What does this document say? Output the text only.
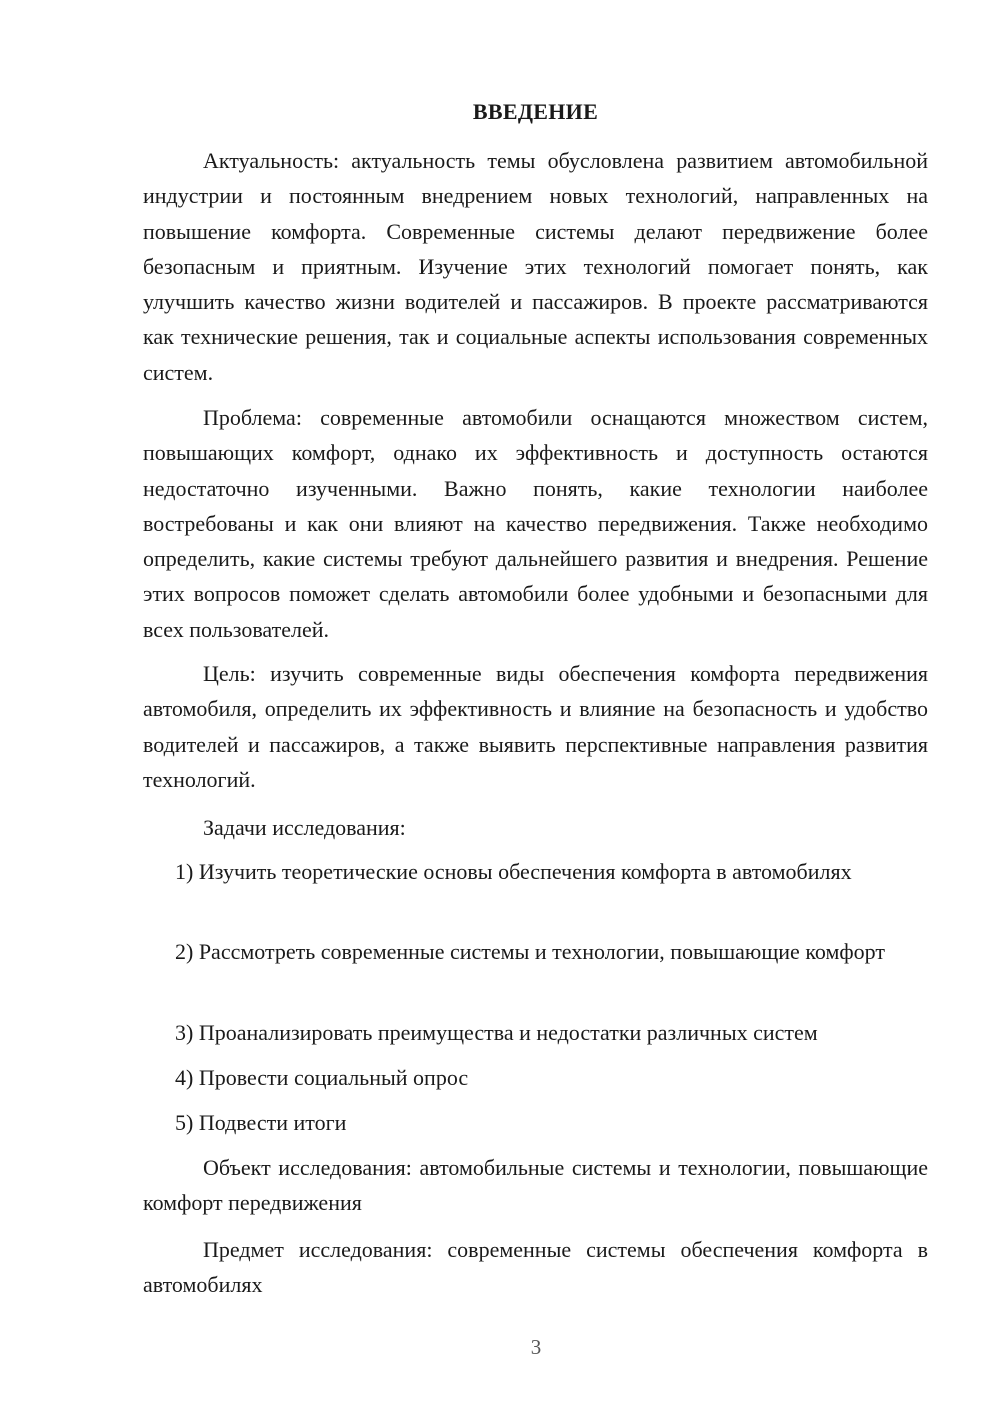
ВВЕДЕНИЕ

Актуальность: актуальность темы обусловлена развитием автомобильной индустрии и постоянным внедрением новых технологий, направленных на повышение комфорта. Современные системы делают передвижение более безопасным и приятным. Изучение этих технологий помогает понять, как улучшить качество жизни водителей и пассажиров. В проекте рассматриваются как технические решения, так и социальные аспекты использования современных систем.

Проблема: современные автомобили оснащаются множеством систем, повышающих комфорт, однако их эффективность и доступность остаются недостаточно изученными. Важно понять, какие технологии наиболее востребованы и как они влияют на качество передвижения. Также необходимо определить, какие системы требуют дальнейшего развития и внедрения. Решение этих вопросов поможет сделать автомобили более удобными и безопасными для всех пользователей.

Цель: изучить современные виды обеспечения комфорта передвижения автомобиля, определить их эффективность и влияние на безопасность и удобство водителей и пассажиров, а также выявить перспективные направления развития технологий.

Задачи исследования:

1) Изучить теоретические основы обеспечения комфорта в автомобилях

2) Рассмотреть современные системы и технологии, повышающие комфорт

3) Проанализировать преимущества и недостатки различных систем

4) Провести социальный опрос

5) Подвести итоги

Объект исследования: автомобильные системы и технологии, повышающие комфорт передвижения

Предмет исследования: современные системы обеспечения комфорта в автомобилях

3
